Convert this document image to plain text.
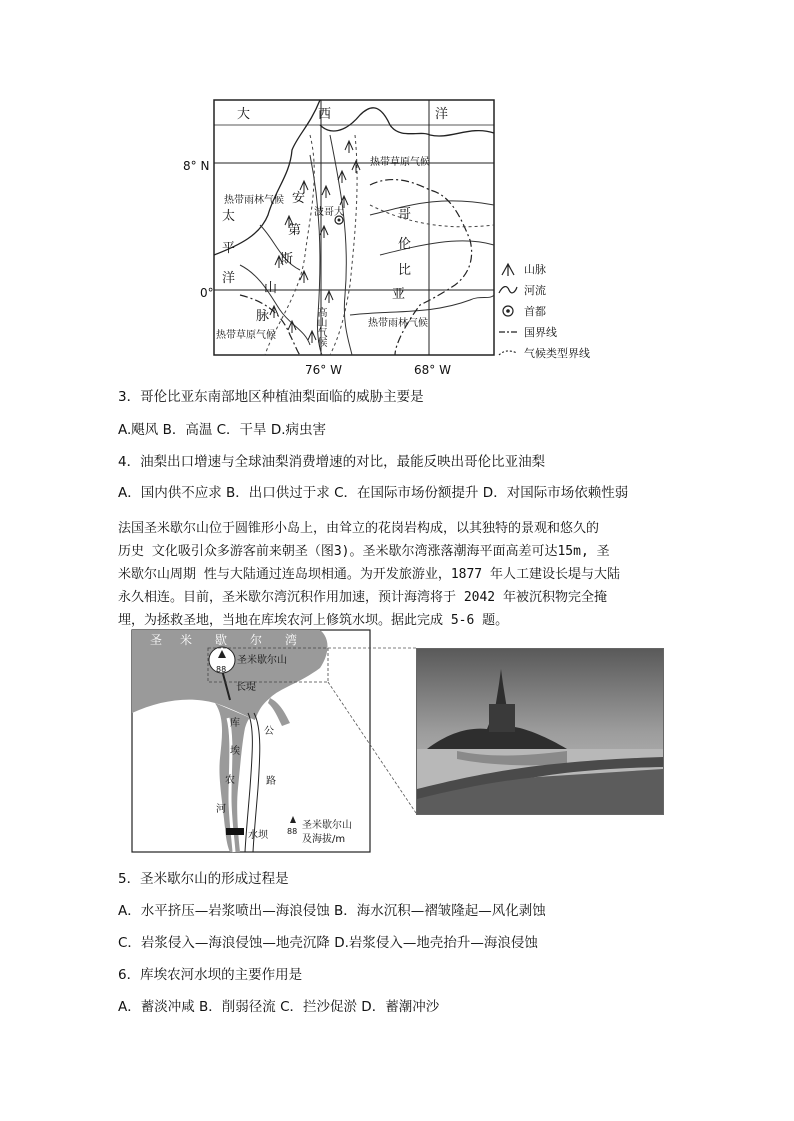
大	西	洋
8° N
0°
76° W	68° W
太
平
洋
热带草原气候
热带雨林气候
热带雨林气候
热带草原气候
波哥大
安
第
斯
山
脉
哥
伦
比
亚
高山气候
山脉
河流
首都
国界线
气候类型界线
3．哥伦比亚东南部地区种植油梨面临的威胁主要是
A.飓风 B．高温 C．干旱 D.病虫害
4．油梨出口增速与全球油梨消费增速的对比，最能反映出哥伦比亚油梨
A．国内供不应求 B．出口供过于求 C．在国际市场份额提升 D．对国际市场依赖性弱
法国圣米歇尔山位于圆锥形小岛上，由耸立的花岗岩构成，以其独特的景观和悠久的
历史 文化吸引众多游客前来朝圣（图3)。圣米歇尔湾涨落潮海平面高差可达15m, 圣
米歇尔山周期 性与大陆通过连岛坝相通。为开发旅游业，1877 年人工建设长堤与大陆
永久相连。目前，圣米歇尔湾沉积作用加速，预计海湾将于 2042 年被沉积物完全掩
埋，为拯救圣地，当地在库埃农河上修筑水坝。据此完成 5-6 题。
圣 米 歇 尔 湾
圣米歇尔山
88
长堤
库
埃
农
河
公
路
水坝 88
圣米歇尔山
及海拔/m
5．圣米歇尔山的形成过程是
A．水平挤压—岩浆喷出—海浪侵蚀 B．海水沉积—褶皱隆起—风化剥蚀
C．岩浆侵入—海浪侵蚀—地壳沉降 D.岩浆侵入—地壳抬升—海浪侵蚀
6．库埃农河水坝的主要作用是
A．蓄淡冲咸 B．削弱径流 C．拦沙促淤 D．蓄潮冲沙
